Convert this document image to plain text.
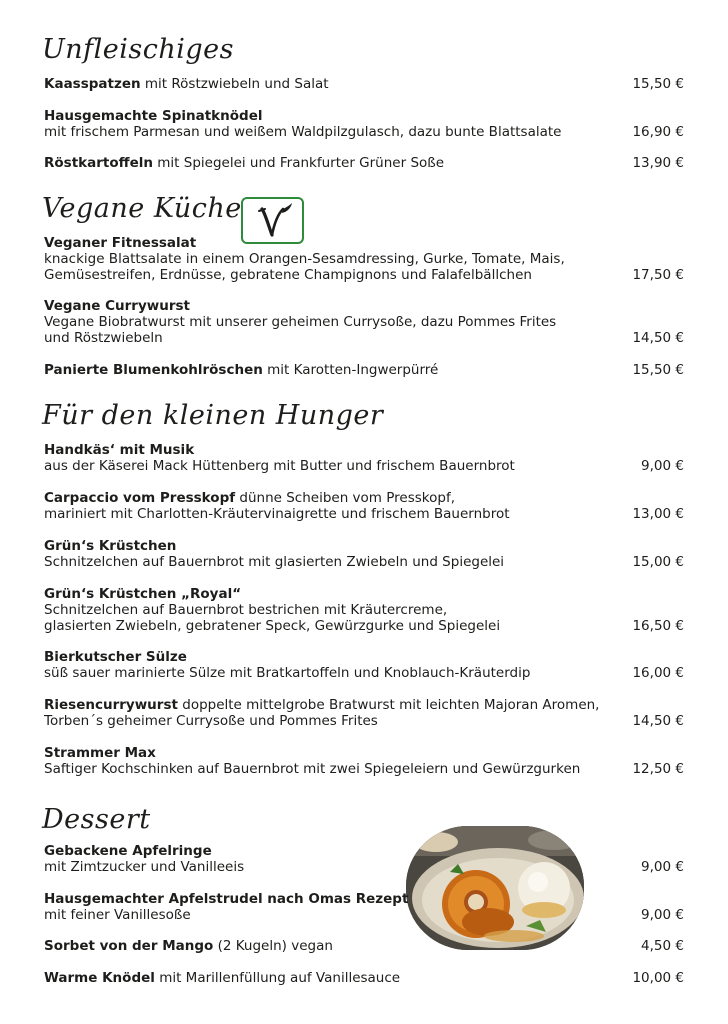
Unfleischiges
Kaasspatzen mit Röstzwiebeln und Salat	15,50 €
Hausgemachte Spinatknödel
mit frischem Parmesan und weißem Waldpilzgulasch, dazu bunte Blattsalate	16,90 €
Röstkartoffeln mit Spiegelei und Frankfurter Grüner Soße	13,90 €
Vegane Küche
Veganer Fitnessalat
knackige Blattsalate in einem Orangen-Sesamdressing, Gurke, Tomate, Mais,
Gemüsestreifen, Erdnüsse, gebratene Champignons und Falafelbällchen	17,50 €
Vegane Currywurst
Vegane Biobratwurst mit unserer geheimen Currysoße, dazu Pommes Frites
und Röstzwiebeln	14,50 €
Panierte Blumenkohlröschen mit Karotten-Ingwerpürré	15,50 €
Für den kleinen Hunger
Handkäs‘ mit Musik
aus der Käserei Mack Hüttenberg mit Butter und frischem Bauernbrot	9,00 €
Carpaccio vom Presskopf dünne Scheiben vom Presskopf,
mariniert mit Charlotten-Kräutervinaigrette und frischem Bauernbrot	13,00 €
Grün‘s Krüstchen
Schnitzelchen auf Bauernbrot mit glasierten Zwiebeln und Spiegelei	15,00 €
Grün‘s Krüstchen „Royal“
Schnitzelchen auf Bauernbrot bestrichen mit Kräutercreme,
glasierten Zwiebeln, gebratener Speck, Gewürzgurke und Spiegelei	16,50 €
Bierkutscher Sülze
süß sauer marinierte Sülze mit Bratkartoffeln und Knoblauch-Kräuterdip	16,00 €
Riesencurrywurst doppelte mittelgrobe Bratwurst mit leichten Majoran Aromen,
Torben´s geheimer Currysoße und Pommes Frites	14,50 €
Strammer Max
Saftiger Kochschinken auf Bauernbrot mit zwei Spiegeleiern und Gewürzgurken	12,50 €
Dessert
Gebackene Apfelringe
mit Zimtzucker und Vanilleeis	9,00 €
Hausgemachter Apfelstrudel nach Omas Rezept
mit feiner Vanillesoße	9,00 €
Sorbet von der Mango (2 Kugeln) vegan	4,50 €
Warme Knödel mit Marillenfüllung auf Vanillesauce	10,00 €
